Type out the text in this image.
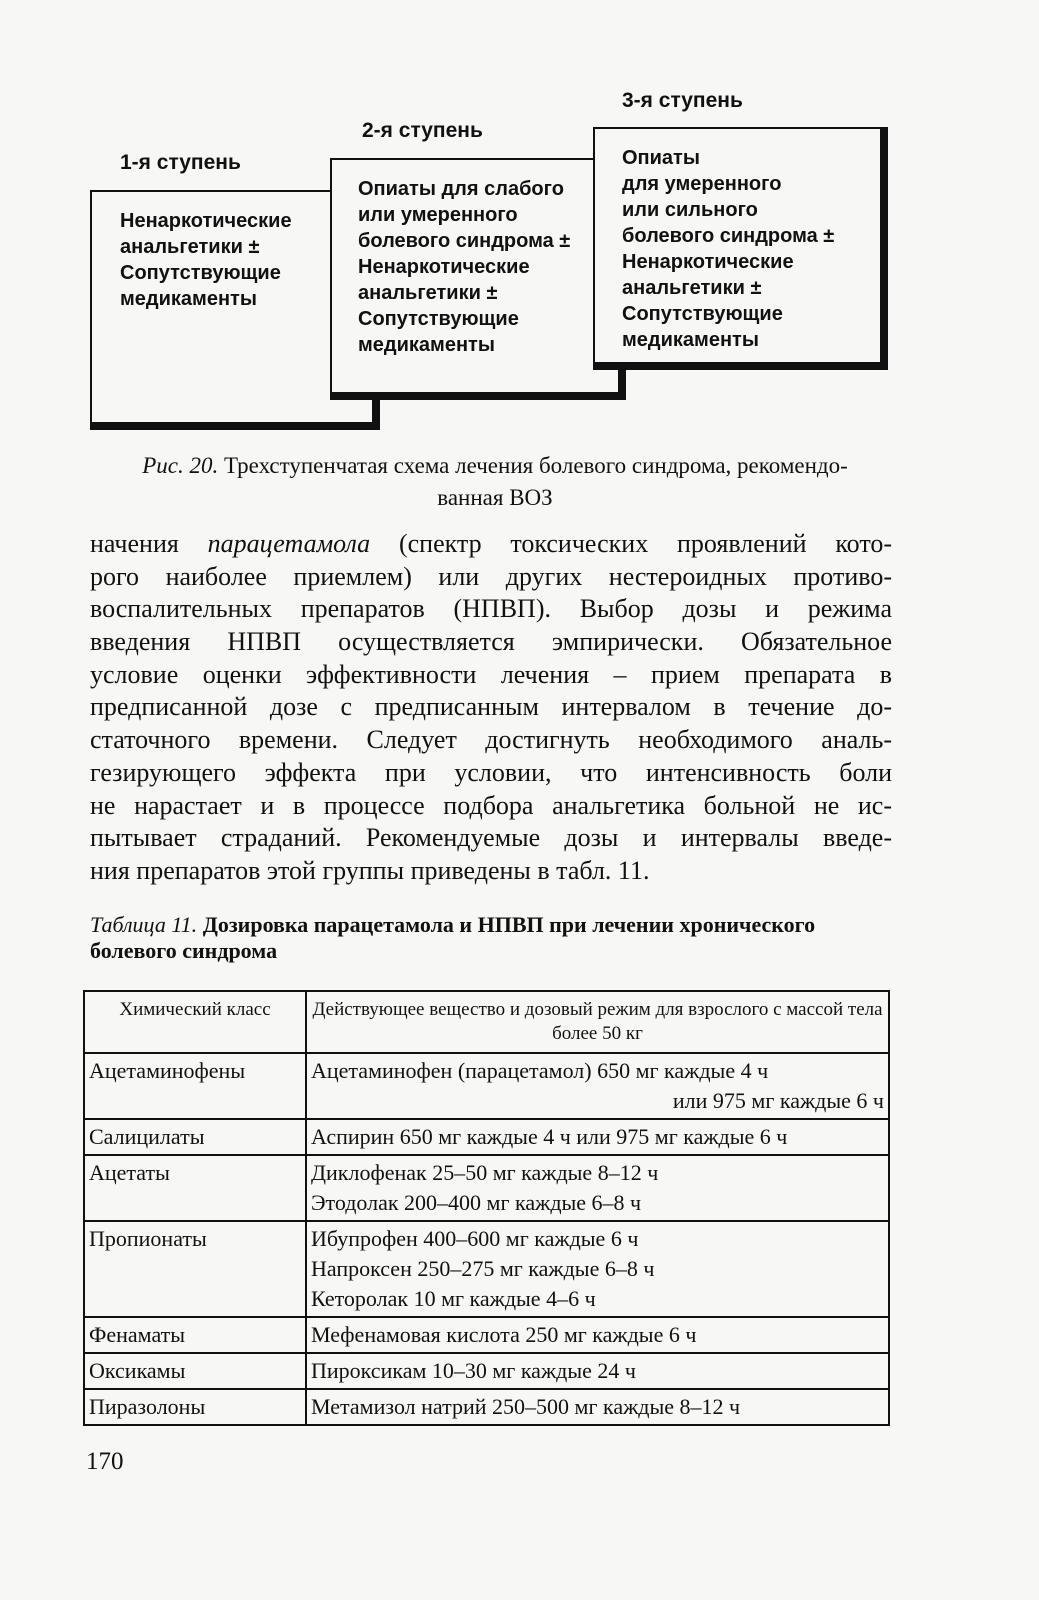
1-я ступень
Ненаркотические
анальгетики ±
Сопутствующие
медикаменты
2-я ступень
Опиаты для слабого
или умеренного
болевого синдрома ±
Ненаркотические
анальгетики ±
Сопутствующие
медикаменты
3-я ступень
Опиаты
для умеренного
или сильного
болевого синдрома ±
Ненаркотические
анальгетики ±
Сопутствующие
медикаменты
Рис. 20. Трехступенчатая схема лечения болевого синдрома, рекомендо-
ванная ВОЗ
начения парацетамола (спектр токсических проявлений кото-
рого наиболее приемлем) или других нестероидных противо-
воспалительных препаратов (НПВП). Выбор дозы и режима
введения НПВП осуществляется эмпирически. Обязательное
условие оценки эффективности лечения – прием препарата в
предписанной дозе с предписанным интервалом в течение до-
статочного времени. Следует достигнуть необходимого аналь-
гезирующего эффекта при условии, что интенсивность боли
не нарастает и в процессе подбора анальгетика больной не ис-
пытывает страданий. Рекомендуемые дозы и интервалы введе-
ния препаратов этой группы приведены в табл. 11.
Таблица 11. Дозировка парацетамола и НПВП при лечении хронического болевого синдрома
Химический класс	Действующее вещество и дозовый режим для взрослого с массой тела более 50 кг
Ацетаминофены	Ацетаминофен (парацетамол) 650 мг каждые 4 ч
или 975 мг каждые 6 ч

Салицилаты	Аспирин 650 мг каждые 4 ч или 975 мг каждые 6 ч

Ацетаты	Диклофенак 25–50 мг каждые 8–12 ч
Этодолак 200–400 мг каждые 6–8 ч

Пропионаты	Ибупрофен 400–600 мг каждые 6 ч
Напроксен 250–275 мг каждые 6–8 ч
Кеторолак 10 мг каждые 4–6 ч

Фенаматы	Мефенамовая кислота 250 мг каждые 6 ч

Оксикамы	Пироксикам 10–30 мг каждые 24 ч

Пиразолоны	Метамизол натрий 250–500 мг каждые 8–12 ч
170
